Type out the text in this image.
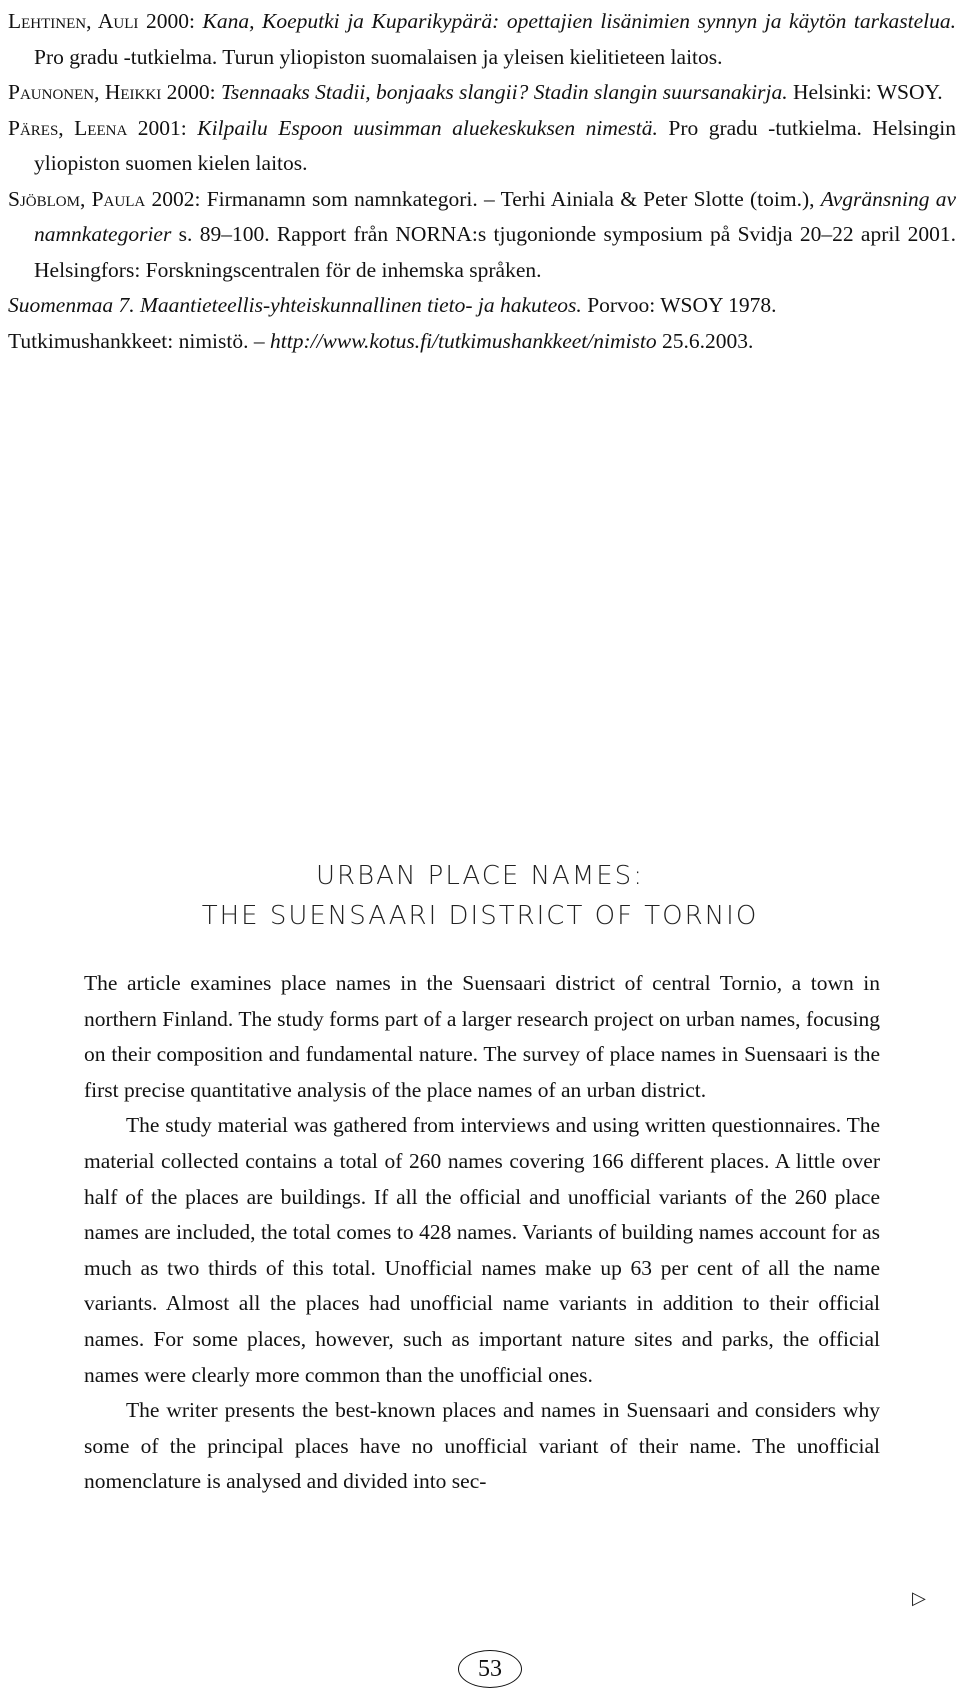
Lehtinen, Auli 2000: Kana, Koeputki ja Kuparikypärä: opettajien lisänimien synnyn ja käytön tarkastelua. Pro gradu -tutkielma. Turun yliopiston suomalaisen ja yleisen kielitieteen laitos.

Paunonen, Heikki 2000: Tsennaaks Stadii, bonjaaks slangii? Stadin slangin suursanakirja. Helsinki: WSOY.

Päres, Leena 2001: Kilpailu Espoon uusimman aluekeskuksen nimestä. Pro gradu -tutkielma. Helsingin yliopiston suomen kielen laitos.

Sjöblom, Paula 2002: Firmanamn som namnkategori. – Terhi Ainiala & Peter Slotte (toim.), Avgränsning av namnkategorier s. 89–100. Rapport från NORNA:s tjugonionde symposium på Svidja 20–22 april 2001. Helsingfors: Forskningscentralen för de inhemska språken.

Suomenmaa 7. Maantieteellis-yhteiskunnallinen tieto- ja hakuteos. Porvoo: WSOY 1978.

Tutkimushankkeet: nimistö. – http://www.kotus.fi/tutkimushankkeet/nimisto 25.6.2003.

URBAN PLACE NAMES:
THE SUENSAARI DISTRICT OF TORNIO

The article examines place names in the Suensaari district of central Tornio, a town in northern Finland. The study forms part of a larger research project on urban names, focusing on their composition and fundamental nature. The survey of place names in Suensaari is the first precise quantitative analysis of the place names of an urban district.

The study material was gathered from interviews and using written questionnaires. The material collected contains a total of 260 names covering 166 different places. A little over half of the places are buildings. If all the official and unofficial variants of the 260 place names are included, the total comes to 428 names. Variants of building names account for as much as two thirds of this total. Unofficial names make up 63 per cent of all the name variants. Almost all the places had unofficial name variants in addition to their official names. For some places, however, such as important nature sites and parks, the official names were clearly more common than the unofficial ones.

The writer presents the best-known places and names in Suensaari and considers why some of the principal places have no unofficial variant of their name. The unofficial nomenclature is analysed and divided into sec-

▷
53
